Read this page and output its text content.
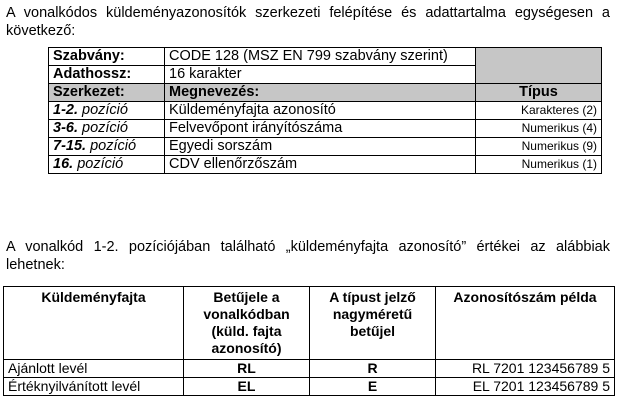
A vonalkódos küldeményazonosítók szerkezeti felépítése és adattartalma egységesen a következő:
Szabvány:	CODE 128 (MSZ EN 799 szabvány szerint)	
Adathossz:	16 karakter	
Szerkezet:	Megnevezés:	Típus
1-2. pozíció	Küldeményfajta azonosító	Karakteres (2)
3-6. pozíció	Felvevőpont irányítószáma	Numerikus (4)
7-15. pozíció	Egyedi sorszám	Numerikus (9)
16. pozíció	CDV ellenőrzőszám	Numerikus (1)
A vonalkód 1-2. pozíciójában található „küldeményfajta azonosító” értékei az alábbiak lehetnek:
Küldeményfajta	Betűjele a vonalkódban (küld. fajta azonosító)	A típust jelző nagyméretű betűjel	Azonosítószám példa
Ajánlott levél	RL	R	RL 7201 123456789 5
Értéknyilvánított levél	EL	E	EL 7201 123456789 5
